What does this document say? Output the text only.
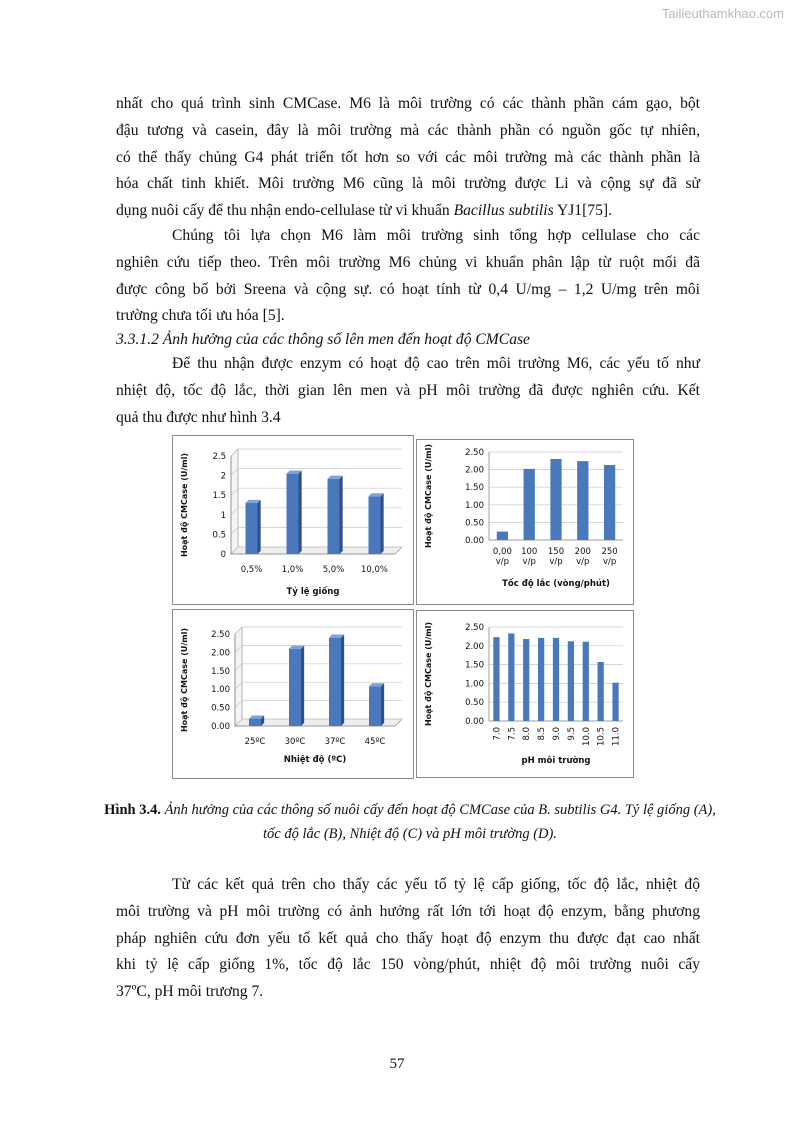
Tailieuthamkhao.com

nhất cho quá trình sinh CMCase. M6 là môi trường có các thành phần cám gạo, bột

đậu tương và casein, đây là môi trường mà các thành phần có nguồn gốc tự nhiên,

có thể thấy chủng G4 phát triển tốt hơn so với các môi trường mà các thành phần là

hóa chất tinh khiết. Môi trường M6 cũng là môi trường được Li và cộng sự đã sử

dụng nuôi cấy để thu nhận endo-cellulase từ vi khuẩn Bacillus subtilis YJ1[75].

Chúng tôi lựa chọn M6 làm môi trường sinh tổng hợp cellulase cho các

nghiên cứu tiếp theo. Trên môi trường M6 chủng vi khuẩn phân lập từ ruột mối đã

được công bố bởi Sreena và cộng sự. có hoạt tính từ 0,4 U/mg – 1,2 U/mg trên môi

trường chưa tối ưu hóa [5].

3.3.1.2 Ảnh hưởng của các thông số lên men đến hoạt độ CMCase

Để thu nhận được enzym có hoạt độ cao trên môi trường M6, các yếu tố như

nhiệt độ, tốc độ lắc, thời gian lên men và pH môi trường đã được nghiên cứu. Kết

quả thu được như hình 3.4

0
0.5
1
1.5
2
2.5
0,5% 1,0% 5,0% 10,0%
Tỷ lệ giống
Hoạt độ CMCase (U/ml)	0.00
0.50
1.00
1.50
2.00
2.50
0,00
v/p
100
v/p
150
v/p
200
v/p
250
v/p
Tốc độ lắc (vòng/phút)
Hoạt độ CMCase (U/ml)
0.00
0.50
1.00
1.50
2.00
2.50
25ºC 30ºC 37ºC 45ºC
Nhiệt độ (ºC)
Hoạt độ CMCase (U/ml)	0.00
0.50
1.00
1.50
2.00
2.50
7.0 7.5 8.0 8.5 9.0 9.5 10.0 10.5 11.0
pH môi trường
Hoạt độ CMCase (U/ml)
Hình 3.4. Ảnh hưởng của các thông số nuôi cấy đến hoạt độ CMCase của B. subtilis G4. Tỷ lệ giống (A), tốc độ lắc (B), Nhiệt độ (C) và pH môi trường (D).

Từ các kết quả trên cho thấy các yếu tố tỷ lệ cấp giống, tốc độ lắc, nhiệt độ

môi trường và pH môi trường có ảnh hưởng rất lớn tới hoạt độ enzym, bằng phương

pháp nghiên cứu đơn yếu tố kết quả cho thấy hoạt độ enzym thu được đạt cao nhất

khi tỷ lệ cấp giống 1%, tốc độ lắc 150 vòng/phút, nhiệt độ môi trường nuôi cấy

37ºC, pH môi trương 7.

57
